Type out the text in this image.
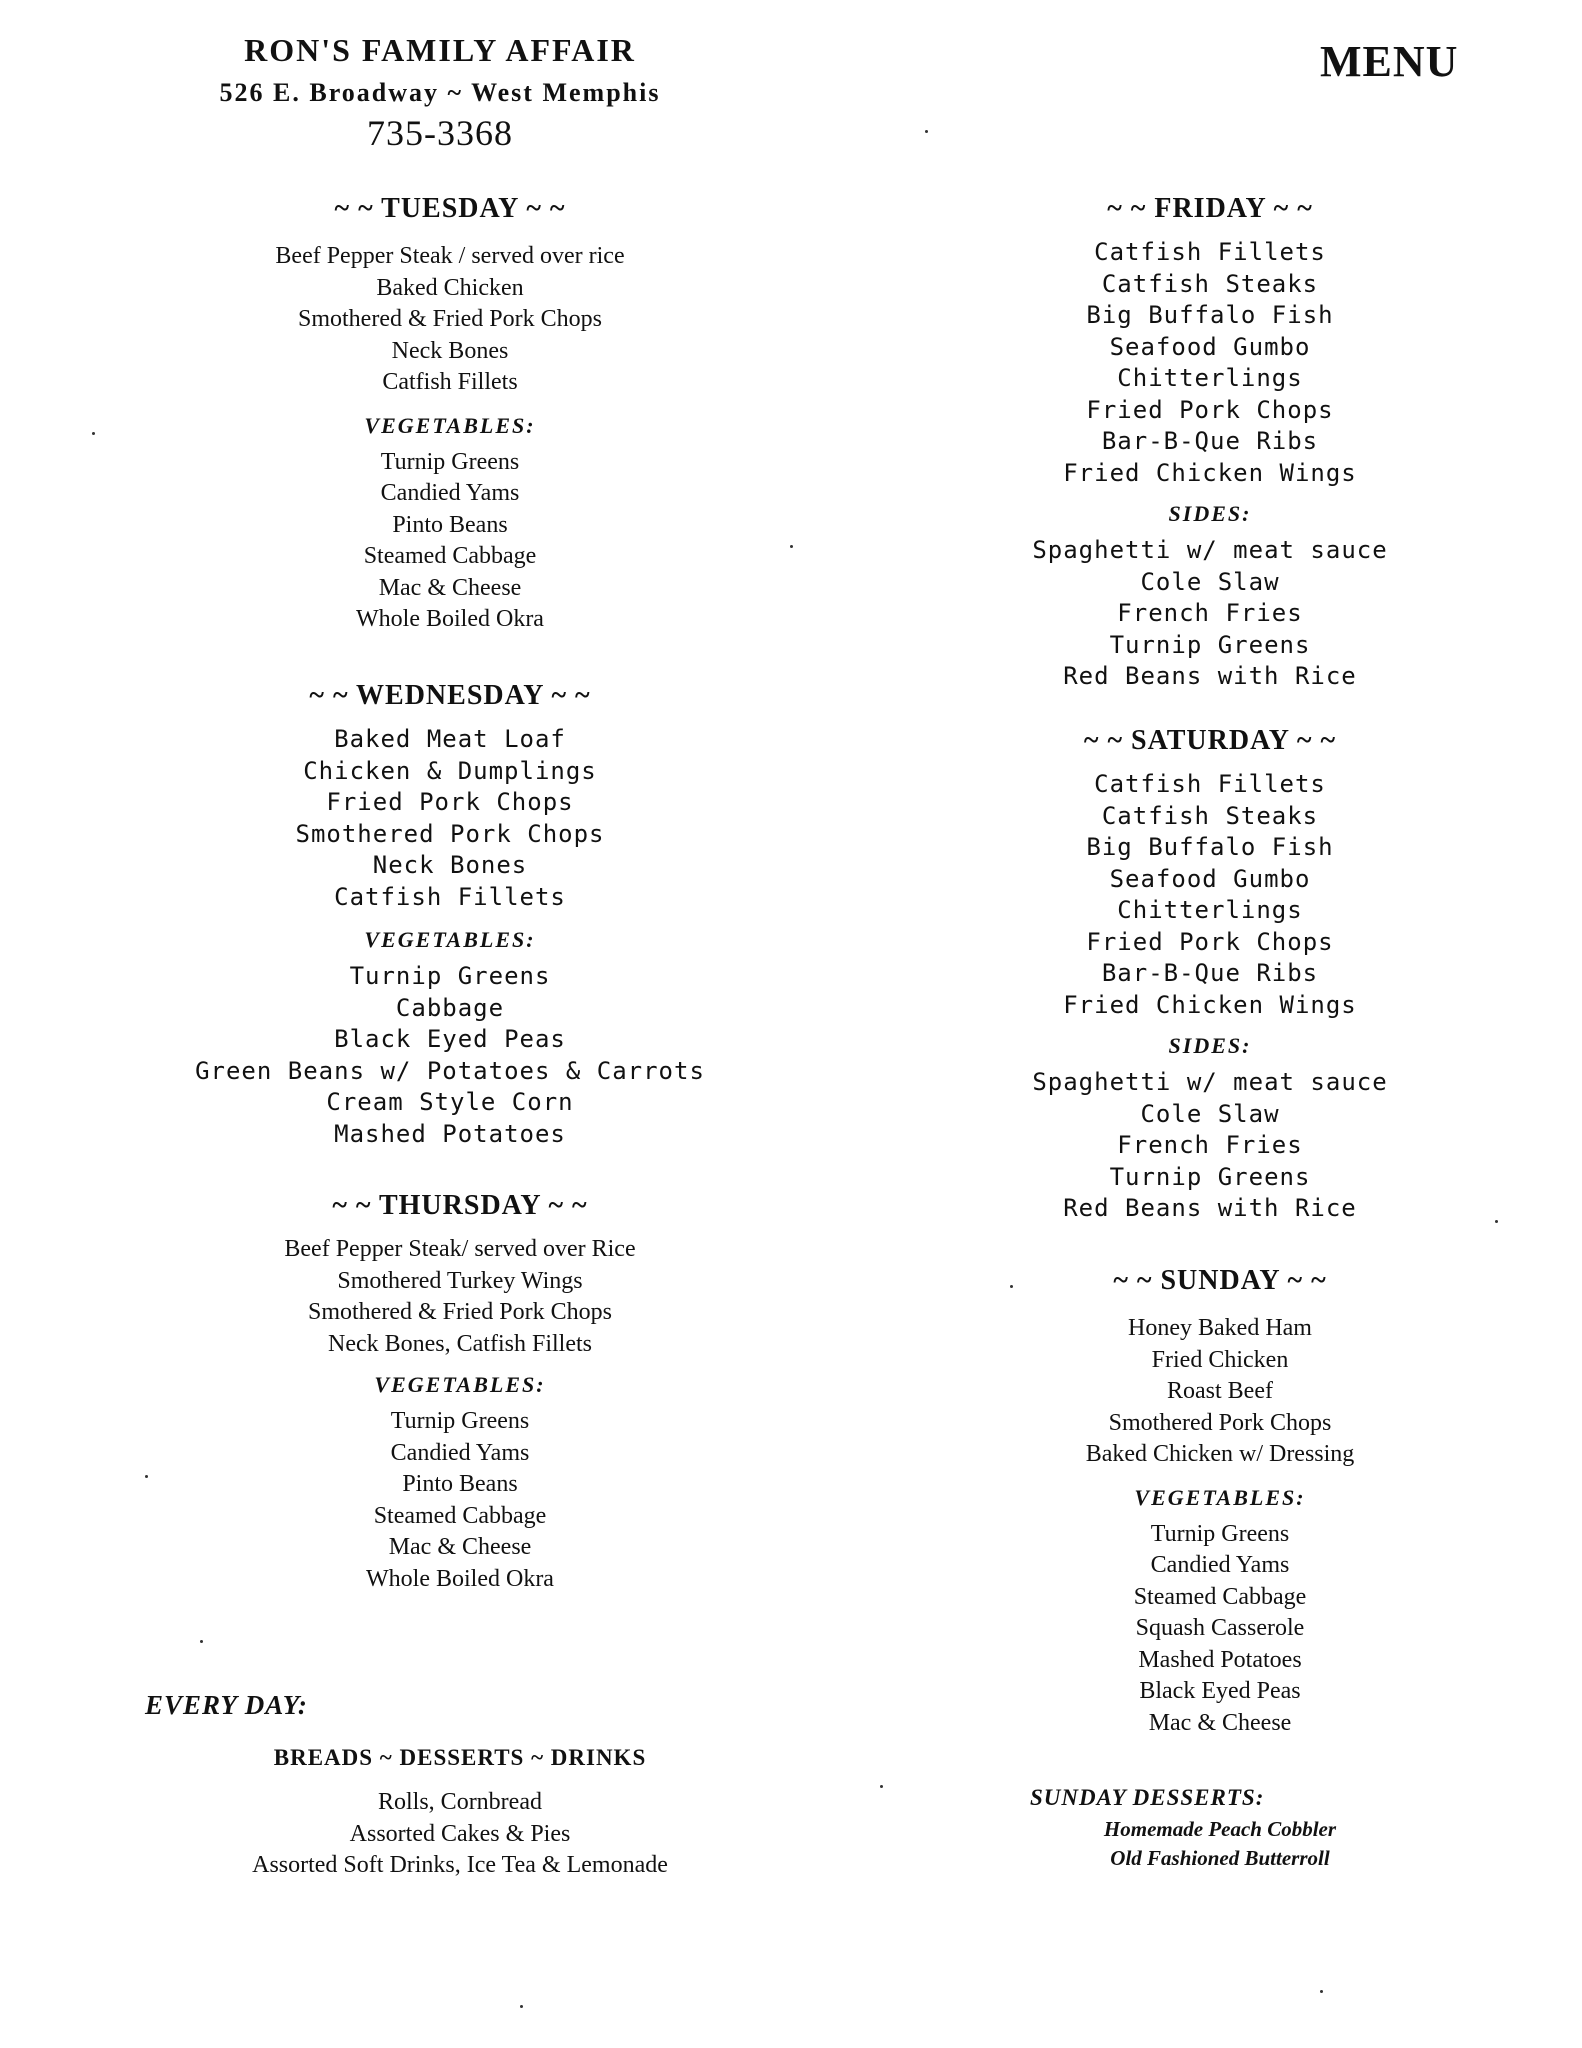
RON'S FAMILY AFFAIR
526 E. Broadway ~ West Memphis
735-3368
MENU
~ ~ TUESDAY ~ ~
Beef Pepper Steak / served over rice
Baked Chicken
Smothered & Fried Pork Chops
Neck Bones
Catfish Fillets
VEGETABLES:
Turnip Greens
Candied Yams
Pinto Beans
Steamed Cabbage
Mac & Cheese
Whole Boiled Okra
~ ~ WEDNESDAY ~ ~
Baked Meat Loaf
Chicken & Dumplings
Fried Pork Chops
Smothered Pork Chops
Neck Bones
Catfish Fillets
VEGETABLES:
Turnip Greens
Cabbage
Black Eyed Peas
Green Beans w/ Potatoes & Carrots
Cream Style Corn
Mashed Potatoes
~ ~ THURSDAY ~ ~
Beef Pepper Steak/ served over Rice
Smothered Turkey Wings
Smothered & Fried Pork Chops
Neck Bones, Catfish Fillets
VEGETABLES:
Turnip Greens
Candied Yams
Pinto Beans
Steamed Cabbage
Mac & Cheese
Whole Boiled Okra
EVERY DAY:
BREADS ~ DESSERTS ~ DRINKS
Rolls, Cornbread
Assorted Cakes & Pies
Assorted Soft Drinks, Ice Tea & Lemonade
~ ~ FRIDAY ~ ~
Catfish Fillets
Catfish Steaks
Big Buffalo Fish
Seafood Gumbo
Chitterlings
Fried Pork Chops
Bar-B-Que Ribs
Fried Chicken Wings
SIDES:
Spaghetti w/ meat sauce
Cole Slaw
French Fries
Turnip Greens
Red Beans with Rice
~ ~ SATURDAY ~ ~
Catfish Fillets
Catfish Steaks
Big Buffalo Fish
Seafood Gumbo
Chitterlings
Fried Pork Chops
Bar-B-Que Ribs
Fried Chicken Wings
SIDES:
Spaghetti w/ meat sauce
Cole Slaw
French Fries
Turnip Greens
Red Beans with Rice
~ ~ SUNDAY ~ ~
Honey Baked Ham
Fried Chicken
Roast Beef
Smothered Pork Chops
Baked Chicken w/ Dressing
VEGETABLES:
Turnip Greens
Candied Yams
Steamed Cabbage
Squash Casserole
Mashed Potatoes
Black Eyed Peas
Mac & Cheese
SUNDAY DESSERTS:
Homemade Peach Cobbler
Old Fashioned Butterroll
